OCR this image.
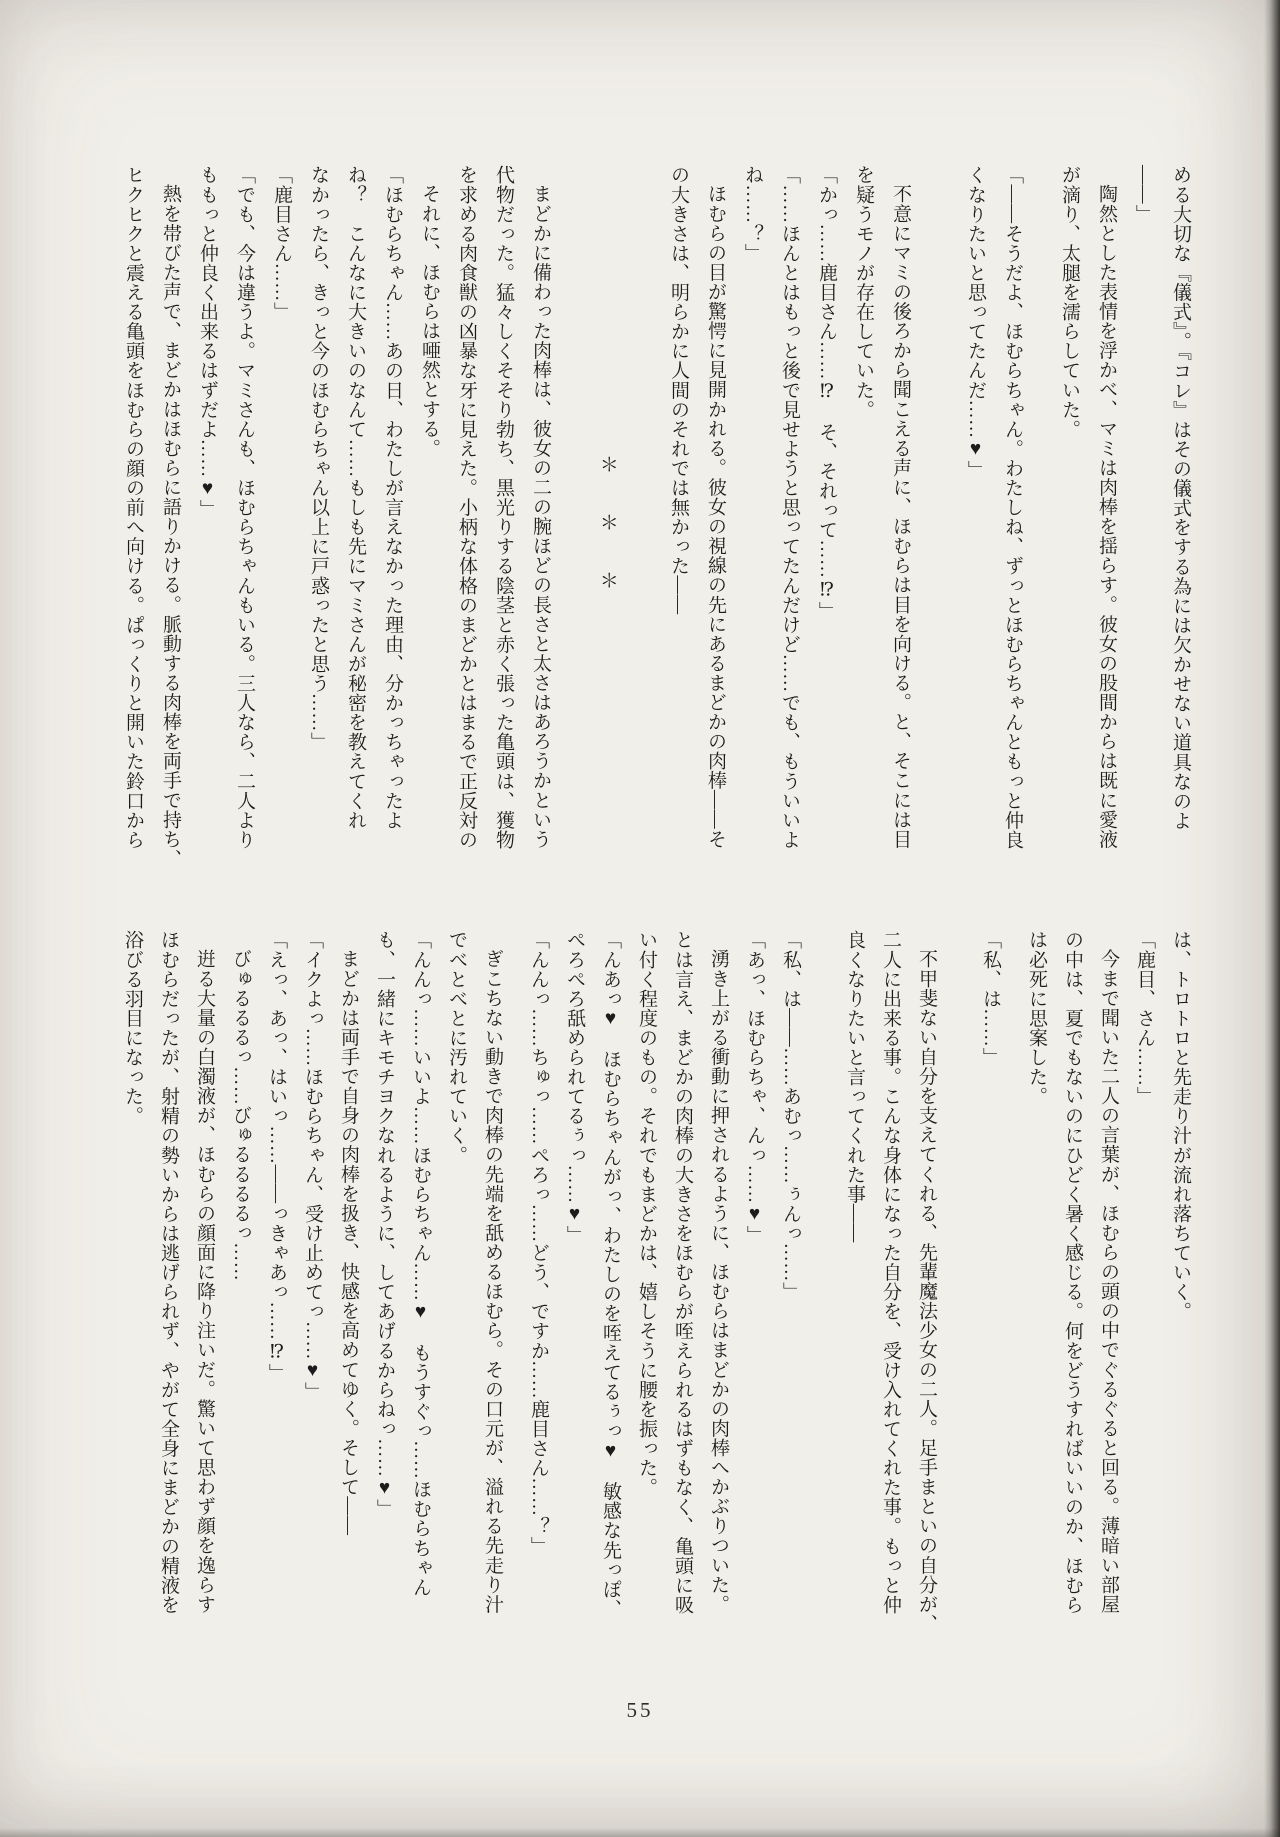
める大切な『儀式』。『コレ』はその儀式をする為には欠かせない道具なのよ
――」
陶然とした表情を浮かべ、マミは肉棒を揺らす。彼女の股間からは既に愛液
が滴り、太腿を濡らしていた。
「――そうだよ、ほむらちゃん。わたしね、ずっとほむらちゃんともっと仲良
くなりたいと思ってたんだ……♥」
不意にマミの後ろから聞こえる声に、ほむらは目を向ける。と、そこには目
を疑うモノが存在していた。
「かっ……鹿目さん……⁉　そ、それって……⁉」
「……ほんとはもっと後で見せようと思ってたんだけど……でも、もういいよ
ね……？」
ほむらの目が驚愕に見開かれる。彼女の視線の先にあるまどかの肉棒――そ
の大きさは、明らかに人間のそれでは無かった――
＊
＊
＊
まどかに備わった肉棒は、彼女の二の腕ほどの長さと太さはあろうかという
代物だった。猛々しくそそり勃ち、黒光りする陰茎と赤く張った亀頭は、獲物
を求める肉食獣の凶暴な牙に見えた。小柄な体格のまどかとはまるで正反対の
それに、ほむらは唖然とする。
「ほむらちゃん……あの日、わたしが言えなかった理由、分かっちゃったよ
ね？　こんなに大きいのなんて……もしも先にマミさんが秘密を教えてくれ
なかったら、きっと今のほむらちゃん以上に戸惑ったと思う……」
「鹿目さん……」
「でも、今は違うよ。マミさんも、ほむらちゃんもいる。三人なら、二人より
ももっと仲良く出来るはずだよ……♥」
熱を帯びた声で、まどかはほむらに語りかける。脈動する肉棒を両手で持ち、
ヒクヒクと震える亀頭をほむらの顔の前へ向ける。ぱっくりと開いた鈴口から
は、トロトロと先走り汁が流れ落ちていく。
「鹿目、さん……」
今まで聞いた二人の言葉が、ほむらの頭の中でぐるぐると回る。薄暗い部屋
の中は、夏でもないのにひどく暑く感じる。何をどうすればいいのか、ほむら
は必死に思案した。
「私、は……」
不甲斐ない自分を支えてくれる、先輩魔法少女の二人。足手まといの自分が、
二人に出来る事。こんな身体になった自分を、受け入れてくれた事。もっと仲
良くなりたいと言ってくれた事――
「私、は――……あむっ……ぅんっ……」
「あっ、ほむらちゃ、んっ……♥」
湧き上がる衝動に押されるように、ほむらはまどかの肉棒へかぶりついた。
とは言え、まどかの肉棒の大きさをほむらが咥えられるはずもなく、亀頭に吸
い付く程度のもの。それでもまどかは、嬉しそうに腰を振った。
「んあっ♥　ほむらちゃんがっ、わたしのを咥えてるぅっ♥　敏感な先っぽ、
ぺろぺろ舐められてるぅっ……♥」
「んんっ……ちゅっ……ぺろっ……どう、ですか……鹿目さん……？」
ぎこちない動きで肉棒の先端を舐めるほむら。その口元が、溢れる先走り汁
でべとべとに汚れていく。
「んんっ……いいよ……ほむらちゃん……♥　もうすぐっ……ほむらちゃん
も、一緒にキモチヨクなれるように、してあげるからねっ……♥」
まどかは両手で自身の肉棒を扱き、快感を高めてゆく。そして――
「イクよっ……ほむらちゃん、受け止めてっ……♥」
「えっ、あっ、はいっ……――っきゃあっ……⁉」
びゅるるるっ……びゅるるるるっ……
逬る大量の白濁液が、ほむらの顔面に降り注いだ。驚いて思わず顔を逸らす
ほむらだったが、射精の勢いからは逃げられず、やがて全身にまどかの精液を
浴びる羽目になった。
55
